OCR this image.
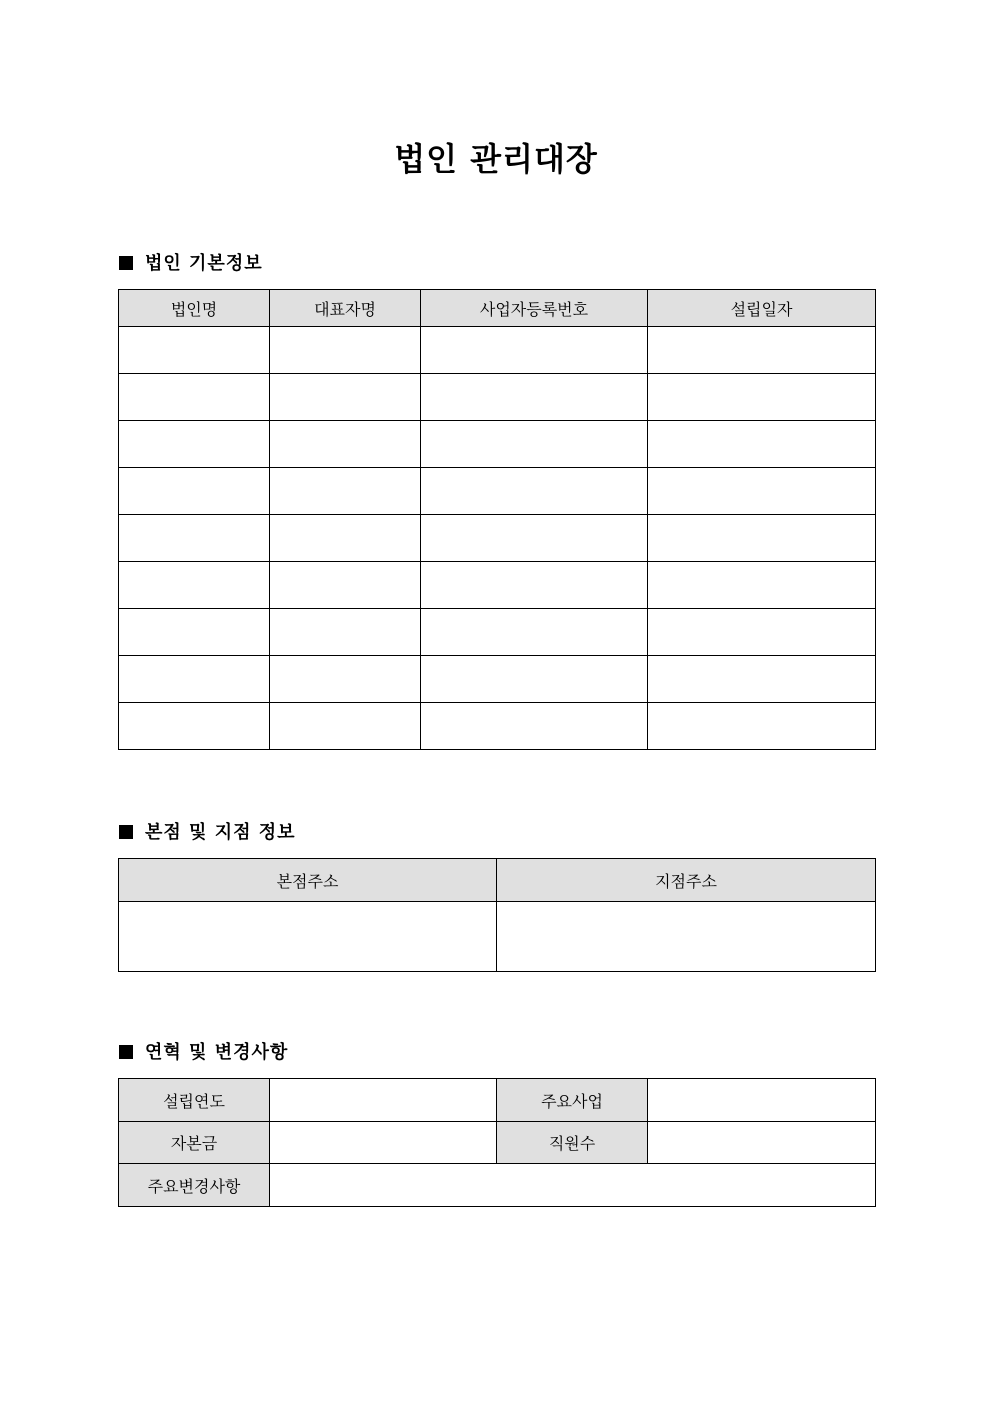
법인 관리대장
법인 기본정보
법인명	대표자명	사업자등록번호	설립일자

본점 및 지점 정보
본점주소	지점주소

연혁 및 변경사항
설립연도		주요사업	
자본금		직원수	
주요변경사항			
